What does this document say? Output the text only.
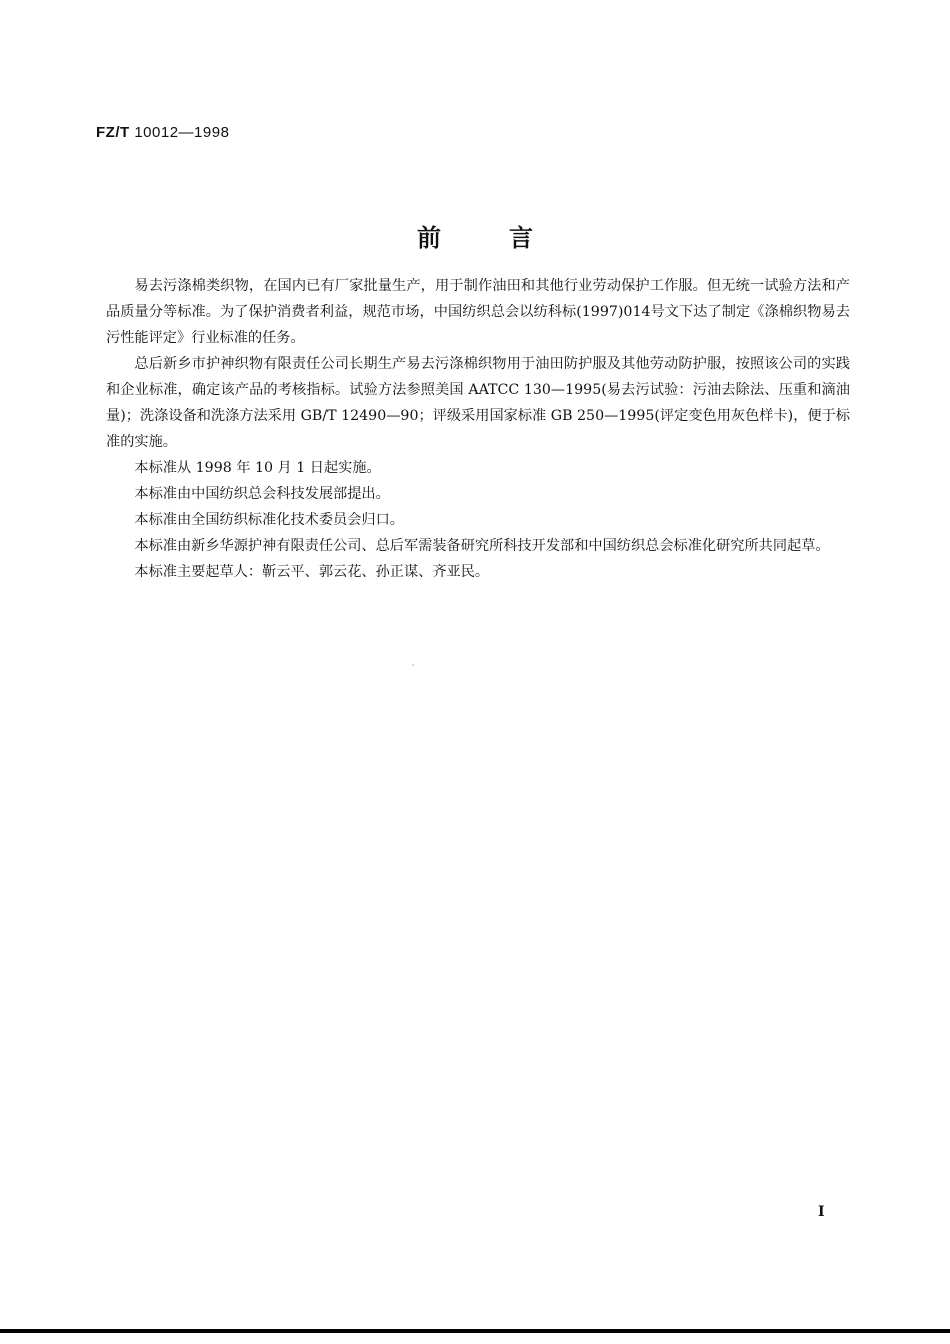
FZ/T 10012—1998
前言

易去污涤棉类织物，在国内已有厂家批量生产，用于制作油田和其他行业劳动保护工作服。但无统一试验方法和产品质量分等标准。为了保护消费者利益，规范市场，中国纺织总会以纺科标(1997)014号文下达了制定《涤棉织物易去污性能评定》行业标准的任务。

总后新乡市护神织物有限责任公司长期生产易去污涤棉织物用于油田防护服及其他劳动防护服，按照该公司的实践和企业标准，确定该产品的考核指标。试验方法参照美国 AATCC 130—1995(易去污试验：污油去除法、压重和滴油量)；洗涤设备和洗涤方法采用 GB/T 12490—90；评级采用国家标准 GB 250—1995(评定变色用灰色样卡)，便于标准的实施。

本标准从 1998 年 10 月 1 日起实施。

本标准由中国纺织总会科技发展部提出。

本标准由全国纺织标准化技术委员会归口。

本标准由新乡华源护神有限责任公司、总后军需装备研究所科技开发部和中国纺织总会标准化研究所共同起草。

本标准主要起草人：靳云平、郭云花、孙正谋、齐亚民。

I
